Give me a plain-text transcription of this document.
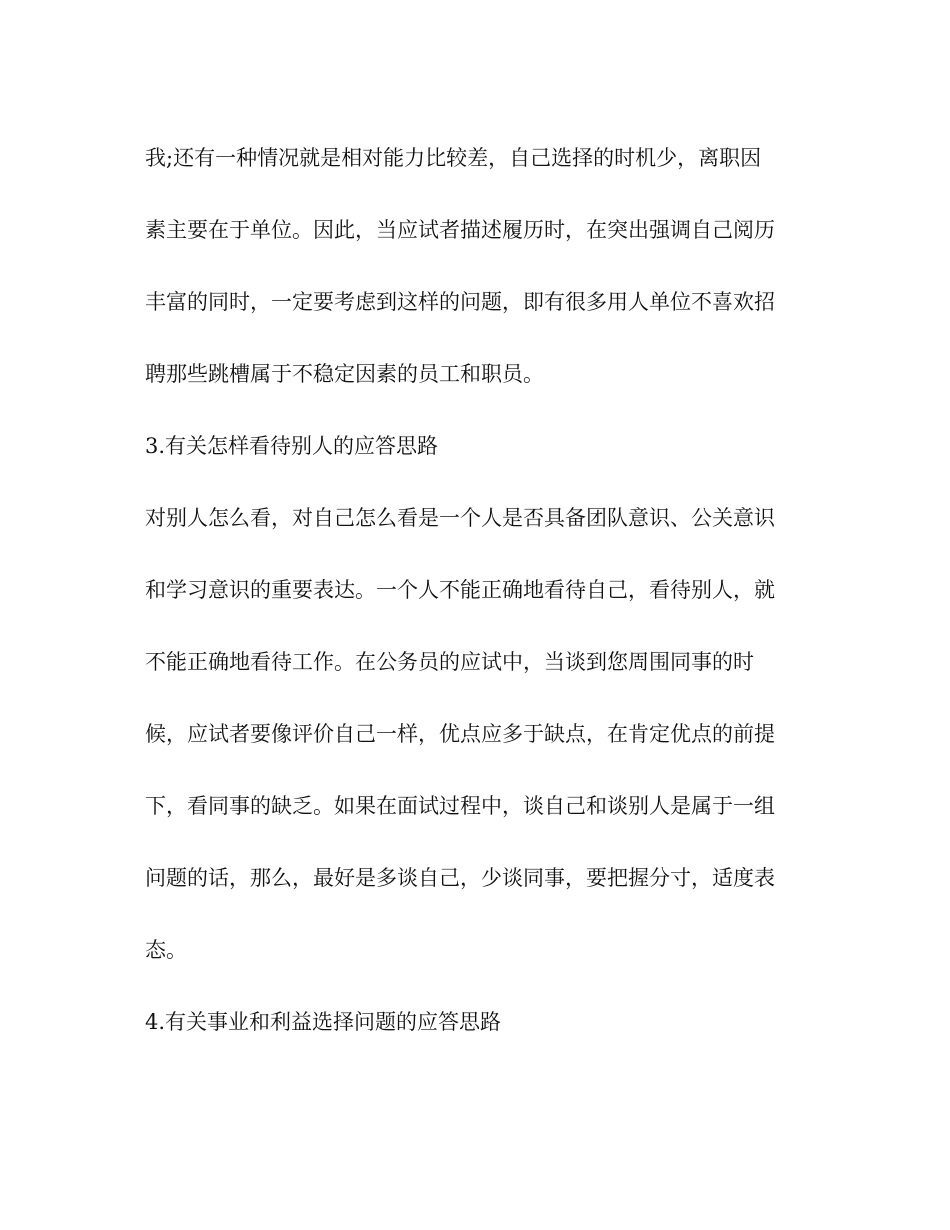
我;还有一种情况就是相对能力比较差，自己选择的时机少，离职因
素主要在于单位。因此，当应试者描述履历时，在突出强调自己阅历
丰富的同时，一定要考虑到这样的问题，即有很多用人单位不喜欢招
聘那些跳槽属于不稳定因素的员工和职员。
3.有关怎样看待别人的应答思路
对别人怎么看，对自己怎么看是一个人是否具备团队意识、公关意识
和学习意识的重要表达。一个人不能正确地看待自己，看待别人，就
不能正确地看待工作。在公务员的应试中，当谈到您周围同事的时
候，应试者要像评价自己一样，优点应多于缺点，在肯定优点的前提
下，看同事的缺乏。如果在面试过程中，谈自己和谈别人是属于一组
问题的话，那么，最好是多谈自己，少谈同事，要把握分寸，适度表
态。
4.有关事业和利益选择问题的应答思路
